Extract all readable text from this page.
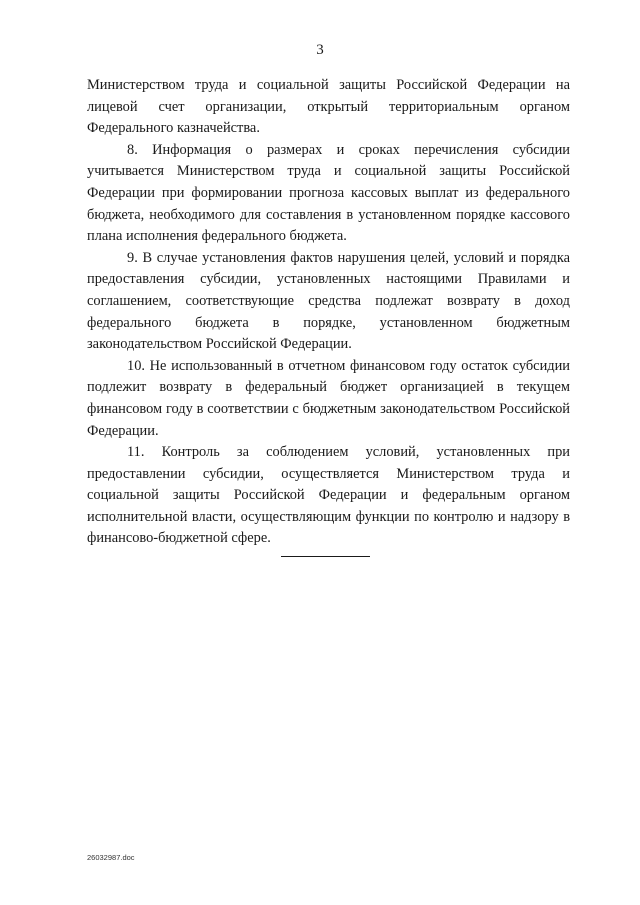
3

Министерством труда и социальной защиты Российской Федерации на лицевой счет организации, открытый территориальным органом Федерального казначейства.

8. Информация о размерах и сроках перечисления субсидии учитывается Министерством труда и социальной защиты Российской Федерации при формировании прогноза кассовых выплат из федерального бюджета, необходимого для составления в установленном порядке кассового плана исполнения федерального бюджета.

9. В случае установления фактов нарушения целей, условий и порядка предоставления субсидии, установленных настоящими Правилами и соглашением, соответствующие средства подлежат возврату в доход федерального бюджета в порядке, установленном бюджетным законодательством Российской Федерации.

10. Не использованный в отчетном финансовом году остаток субсидии подлежит возврату в федеральный бюджет организацией в текущем финансовом году в соответствии с бюджетным законодательством Российской Федерации.

11. Контроль за соблюдением условий, установленных при предоставлении субсидии, осуществляется Министерством труда и социальной защиты Российской Федерации и федеральным органом исполнительной власти, осуществляющим функции по контролю и надзору в финансово-бюджетной сфере.

26032987.doc
